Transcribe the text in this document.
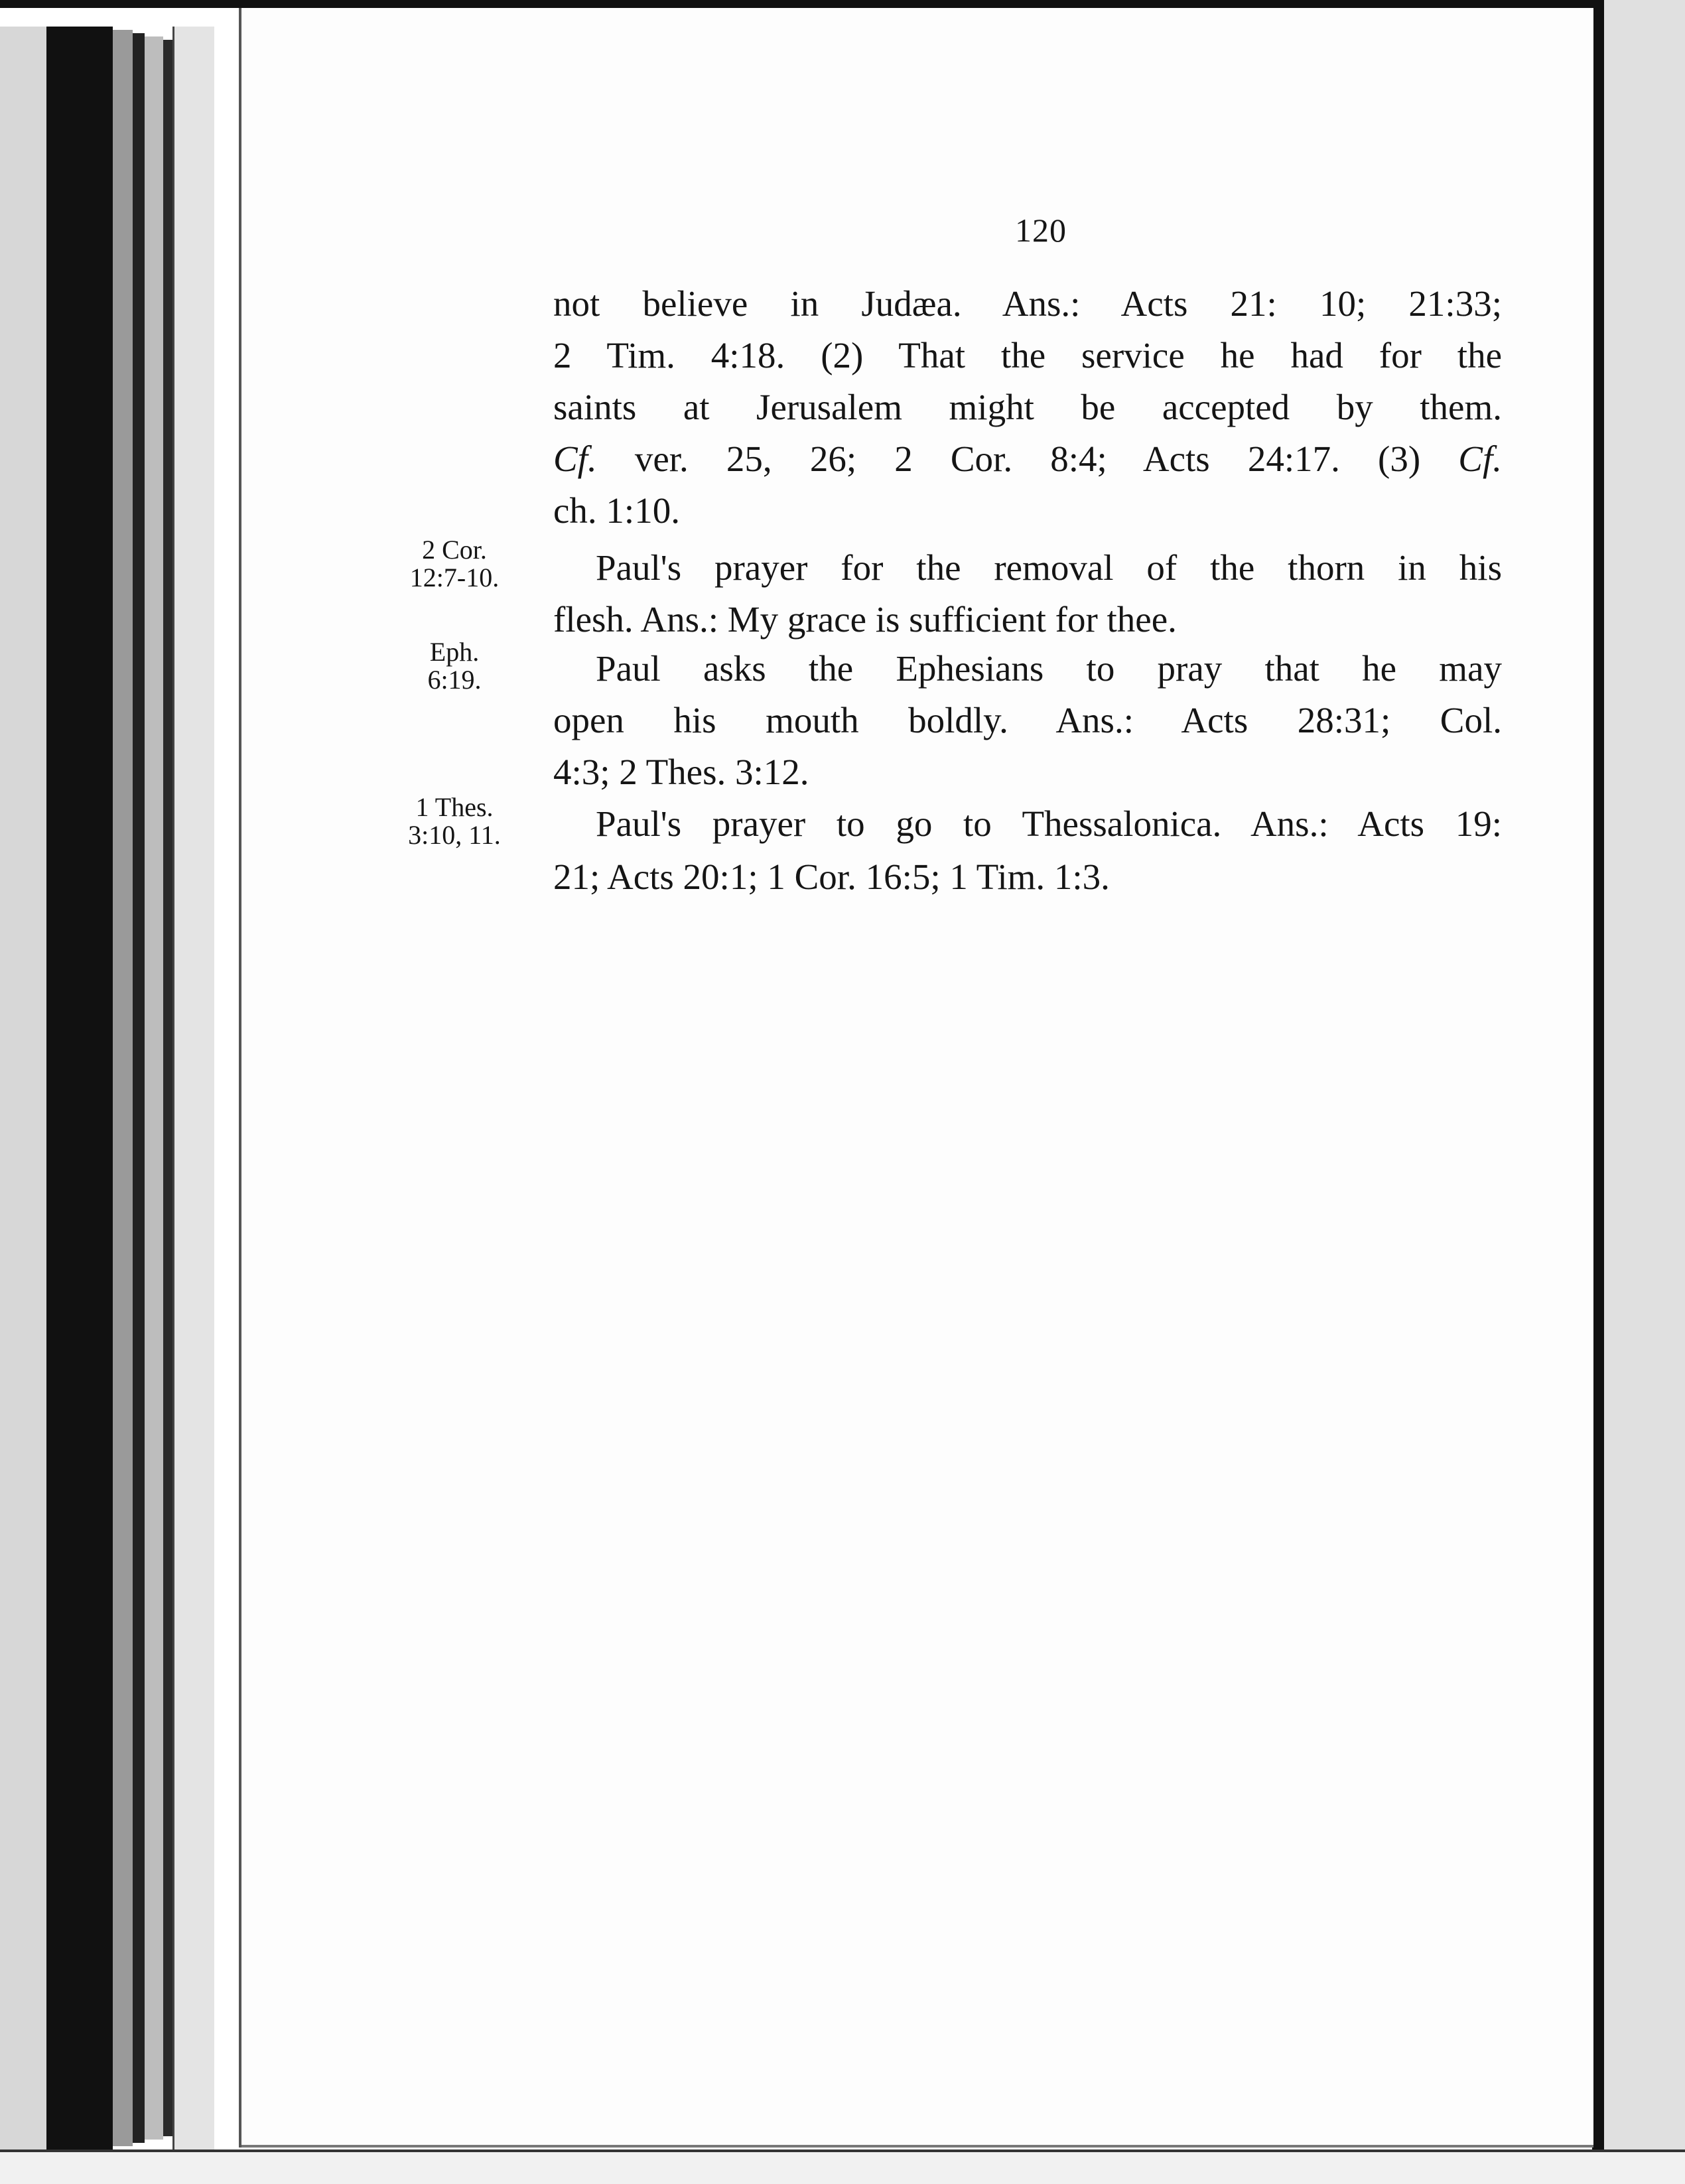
120
not believe in Judæa. Ans.: Acts 21: 10; 21:33;
2 Tim. 4:18. (2) That the service he had for the
saints at Jerusalem might be accepted by them.
Cf. ver. 25, 26; 2 Cor. 8:4; Acts 24:17. (3) Cf.
ch. 1:10.
2 Cor.
12:7-10.	Paul's prayer for the removal of the thorn in his
flesh. Ans.: My grace is sufficient for thee.
Eph.
6:19.	Paul asks the Ephesians to pray that he may
open his mouth boldly. Ans.: Acts 28:31; Col.
4:3; 2 Thes. 3:12.
1 Thes.
3:10, 11.	Paul's prayer to go to Thessalonica. Ans.: Acts 19:
21; Acts 20:1; 1 Cor. 16:5; 1 Tim. 1:3.
